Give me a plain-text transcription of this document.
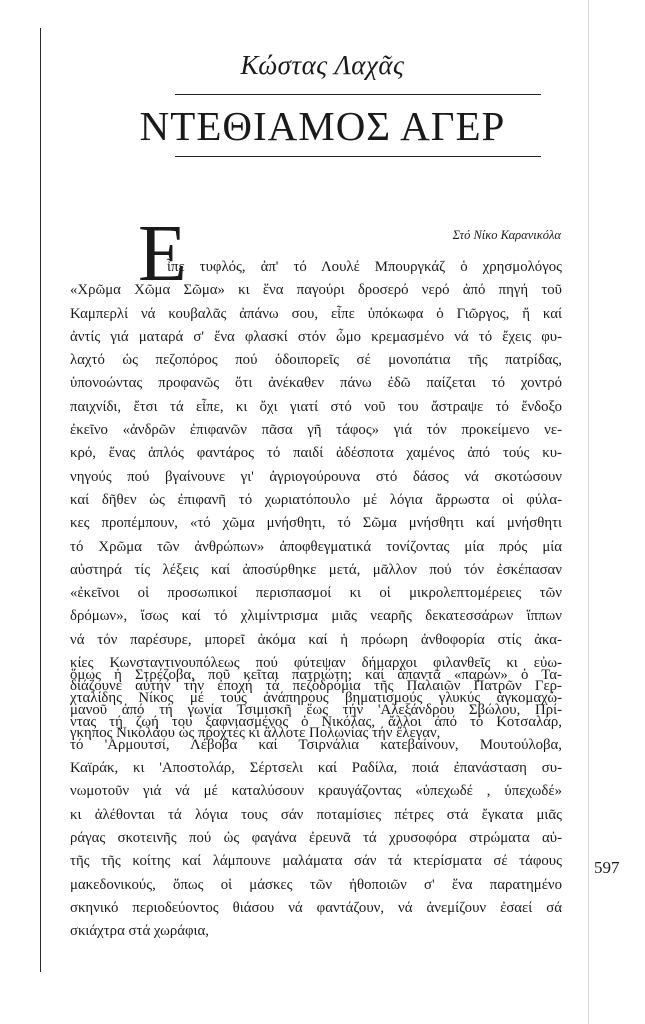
Κώστας Λαχᾶς
ΝΤΕΘΙΑΜΟΣ ΑΓΕΡ
Στό Νίκο Καρανικόλα
Ε
ἶπε τυφλός, ἀπ' τό Λουλέ Μπουργκάζ ὁ χρησμολόγος
«Χρῶμα Χῶμα Σῶμα» κι ἕνα παγούρι δροσερό νερό ἀπό πηγή τοῦ
Καμπερλί νά κουβαλᾶς ἀπάνω σου, εἶπε ὑπόκωφα ὁ Γιῶργος, ἤ καί
ἀντίς γιά ματαρά σ' ἕνα φλασκί στόν ὦμο κρεμασμένο νά τό ἔχεις φυ-
λαχτό ὡς πεζοπόρος πού ὁδοιπορεῖς σέ μονοπάτια τῆς πατρίδας,
ὑπονοώντας προφανῶς ὅτι ἀνέκαθεν πάνω ἐδῶ παίζεται τό χοντρό
παιχνίδι, ἔτσι τά εἶπε, κι ὄχι γιατί στό νοῦ του ἄστραψε τό ἔνδοξο
ἐκεῖνο «ἀνδρῶν ἐπιφανῶν πᾶσα γῆ τάφος» γιά τόν προκείμενο νε-
κρό, ἕνας ἁπλός φαντάρος τό παιδί ἀδέσποτα χαμένος ἀπό τούς κυ-
νηγούς πού βγαίνουνε γι' ἀγριογούρουνα στό δάσος νά σκοτώσουν
καί δῆθεν ὡς ἐπιφανῆ τό χωριατόπουλο μέ λόγια ἄρρωστα οἱ φύλα-
κες προπέμπουν, «τό χῶμα μνήσθητι, τό Σῶμα μνήσθητι καί μνήσθητι
τό Χρῶμα τῶν ἀνθρώπων» ἀποφθεγματικά τονίζοντας μία πρός μία
αὐστηρά τίς λέξεις καί ἀποσύρθηκε μετά, μᾶλλον πού τόν ἐσκέπασαν
«ἐκεῖνοι οἱ προσωπικοί περισπασμοί κι οἱ μικρολεπτομέρειες τῶν
δρόμων», ἴσως καί τό χλιμίντρισμα μιᾶς νεαρῆς δεκατεσσάρων ἵππων
νά τόν παρέσυρε, μπορεῖ ἀκόμα καί ἡ πρόωρη ἀνθοφορία στίς ἀκα-
κίες Κωνσταντινουπόλεως πού φύτεψαν δήμαρχοι φιλανθεῖς κι εὐω-
διάζουνε αὐτήν τήν ἐποχή τά πεζοδρόμια τῆς Παλαιῶν Πατρῶν Γερ-
μανοῦ ἀπό τή γωνία Τσιμισκῆ ἕως τήν 'Αλεξάνδρου Σβώλου, Πρί-
γκηπος Νικολάου ὡς προχτές κι ἄλλοτε Πολωνίας τήν ἔλεγαν,
ὅμως ἡ Στρέζοβα, ποῦ κεῖται πατριώτη; καί ἀπαντᾶ «παρών» ὁ Τα-
χταλίδης Νίκος μέ τούς ἀνάπηρους βηματισμούς γλυκύς ἀγκομαχώ-
ντας τή ζωή του ξαφνιασμένος ὁ Νικόλας, ἄλλοι ἀπό τό Κοτσαλάρ,
τό 'Αρμουτσί, Λέβοβα καί Τσιρνάλια κατεβαίνουν, Μουτούλοβα,
Καϊράκ, κι 'Αποστολάρ, Σέρτσελι καί Ραδίλα, ποιά ἐπανάσταση συ-
νωμοτοῦν γιά νά μέ καταλύσουν κραυγάζοντας «ὑπεχωδέ , ὑπεχωδέ»
κι ἀλέθονται τά λόγια τους σάν ποταμίσιες πέτρες στά ἔγκατα μιᾶς
ράγας σκοτεινῆς πού ὡς φαγάνα ἐρευνᾶ τά χρυσοφόρα στρώματα αὐ-
τῆς τῆς κοίτης καί λάμπουνε μαλάματα σάν τά κτερίσματα σέ τάφους
μακεδονικούς, ὅπως οἱ μάσκες τῶν ἠθοποιῶν σ' ἕνα παρατημένο
σκηνικό περιοδεύοντος θιάσου νά φαντάζουν, νά ἀνεμίζουν ἐσαεί σά
σκιάχτρα στά χωράφια,
597
